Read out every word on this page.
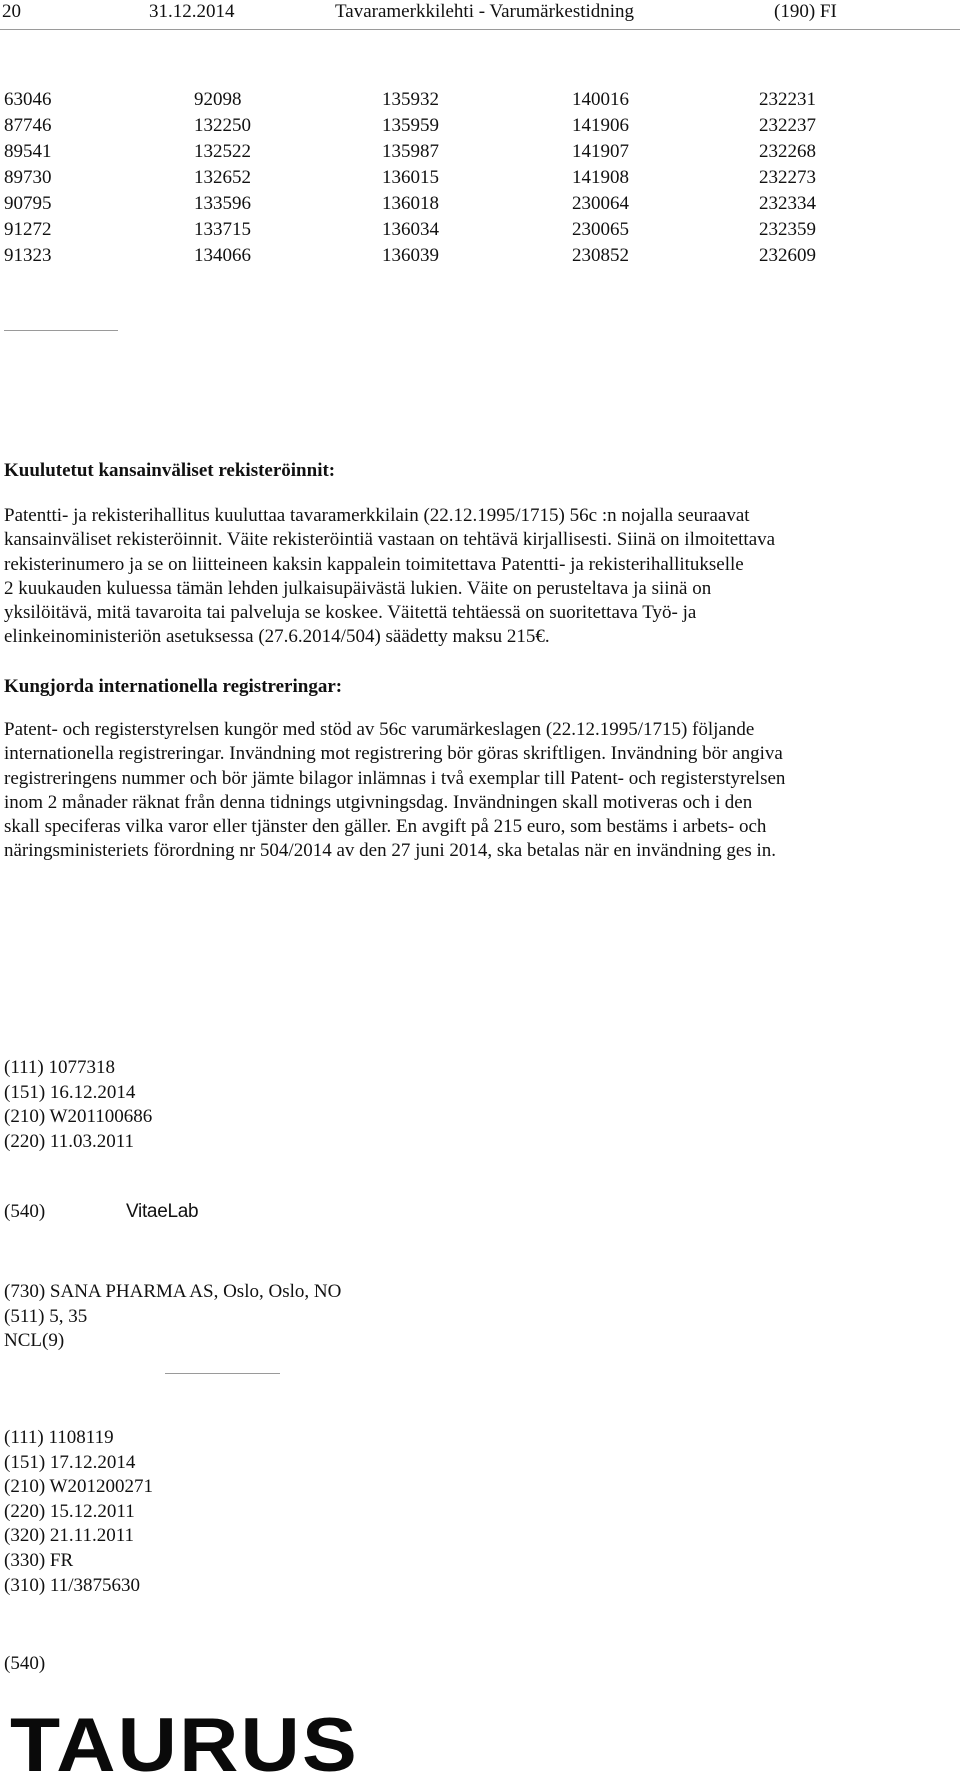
20	31.12.2014	Tavaramerkkilehti - Varumärkestidning	(190) FI
63046	92098	135932	140016	232231
87746	132250	135959	141906	232237
89541	132522	135987	141907	232268
89730	132652	136015	141908	232273
90795	133596	136018	230064	232334
91272	133715	136034	230065	232359
91323	134066	136039	230852	232609
Kuulutetut kansainväliset rekisteröinnit:

Patentti- ja rekisterihallitus kuuluttaa tavaramerkkilain (22.12.1995/1715) 56c :n nojalla seuraavat

kansainväliset rekisteröinnit. Väite rekisteröintiä vastaan on tehtävä kirjallisesti. Siinä on ilmoitettava

rekisterinumero ja se on liitteineen kaksin kappalein toimitettava Patentti- ja rekisterihallitukselle

2 kuukauden kuluessa tämän lehden julkaisupäivästä lukien. Väite on perusteltava ja siinä on

yksilöitävä, mitä tavaroita tai palveluja se koskee. Väitettä tehtäessä on suoritettava Työ- ja

elinkeinoministeriön asetuksessa (27.6.2014/504) säädetty maksu 215€.

Kungjorda internationella registreringar:

Patent- och registerstyrelsen kungör med stöd av 56c varumärkeslagen (22.12.1995/1715) följande

internationella registreringar. Invändning mot registrering bör göras skriftligen. Invändning bör angiva

registreringens nummer och bör jämte bilagor inlämnas i två exemplar till Patent- och registerstyrelsen

inom 2 månader räknat från denna tidnings utgivningsdag. Invändningen skall motiveras och i den

skall speciferas vilka varor eller tjänster den gäller. En avgift på 215 euro, som bestäms i arbets- och

näringsministeriets förordning nr 504/2014 av den 27 juni 2014, ska betalas när en invändning ges in.

(111) 1077318
(151) 16.12.2014
(210) W201100686
(220) 11.03.2011
(540)	VitaeLab
(730) SANA PHARMA AS, Oslo, Oslo, NO
(511) 5, 35
NCL(9)
(111) 1108119
(151) 17.12.2014
(210) W201200271
(220) 15.12.2011
(320) 21.11.2011
(330) FR
(310) 11/3875630
(540)
TAURUS
